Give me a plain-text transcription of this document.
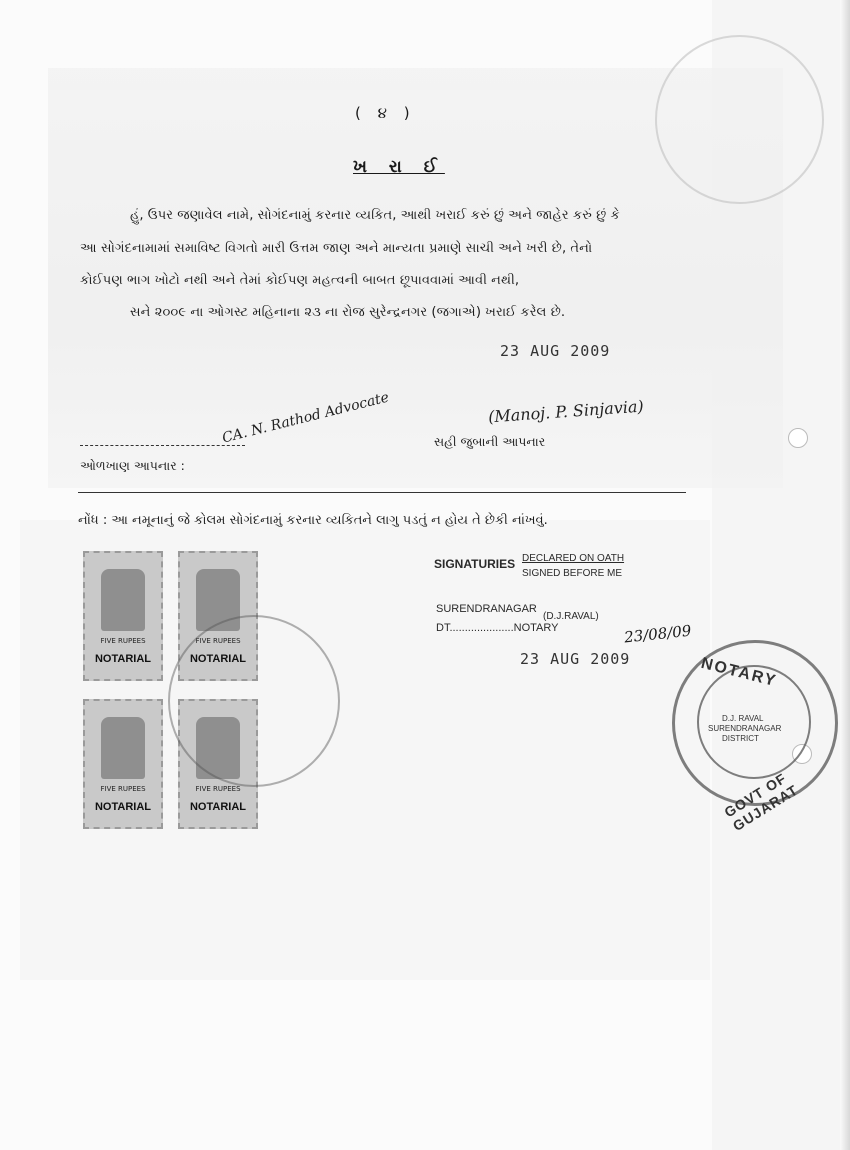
( ૪ )
ખ રા ઈ
હું, ઉપર જણાવેલ નામે, સોગંદનામું કરનાર વ્યકિત, આથી ખરાઈ કરું છું અને જાહેર કરું છું કે
આ સોગંદનામામાં સમાવિષ્ટ વિગતો મારી ઉત્તમ જાણ અને માન્યતા પ્રમાણે સાચી અને ખરી છે, તેનો
કોઈપણ ભાગ ખોટો નથી અને તેમાં કોઈપણ મહત્વની બાબત છૂપાવવામાં આવી નથી,
સને ૨૦૦૯ ના ઓગસ્ટ મહિનાના ૨૩ ના રોજ સુરેન્દ્રનગર (જગાએ) ખરાઈ કરેલ છે.
23 AUG 2009
CA. N. Rathod Advocate	(Manoj. P. Sinjavia)
ઓળખાણ આપનાર :
સહી જુબાની આપનાર
નોંધ : આ નમૂનાનું જે કોલમ સોગંદનામું કરનાર વ્યકિતને લાગુ પડતું ન હોય તે છેકી નાંખવું.
FIVE RUPEES
NOTARIAL
FIVE RUPEES
NOTARIAL
FIVE RUPEES
NOTARIAL
FIVE RUPEES
NOTARIAL
SIGNATURIES DECLARED ON OATH
SIGNED BEFORE ME
SURENDRANAGAR
(D.J.RAVAL)
DT.....................NOTARY	23/08/09
23 AUG 2009	NOTARY
D.J. RAVAL
SURENDRANAGAR
DISTRICT
GOVT OF GUJARAT
